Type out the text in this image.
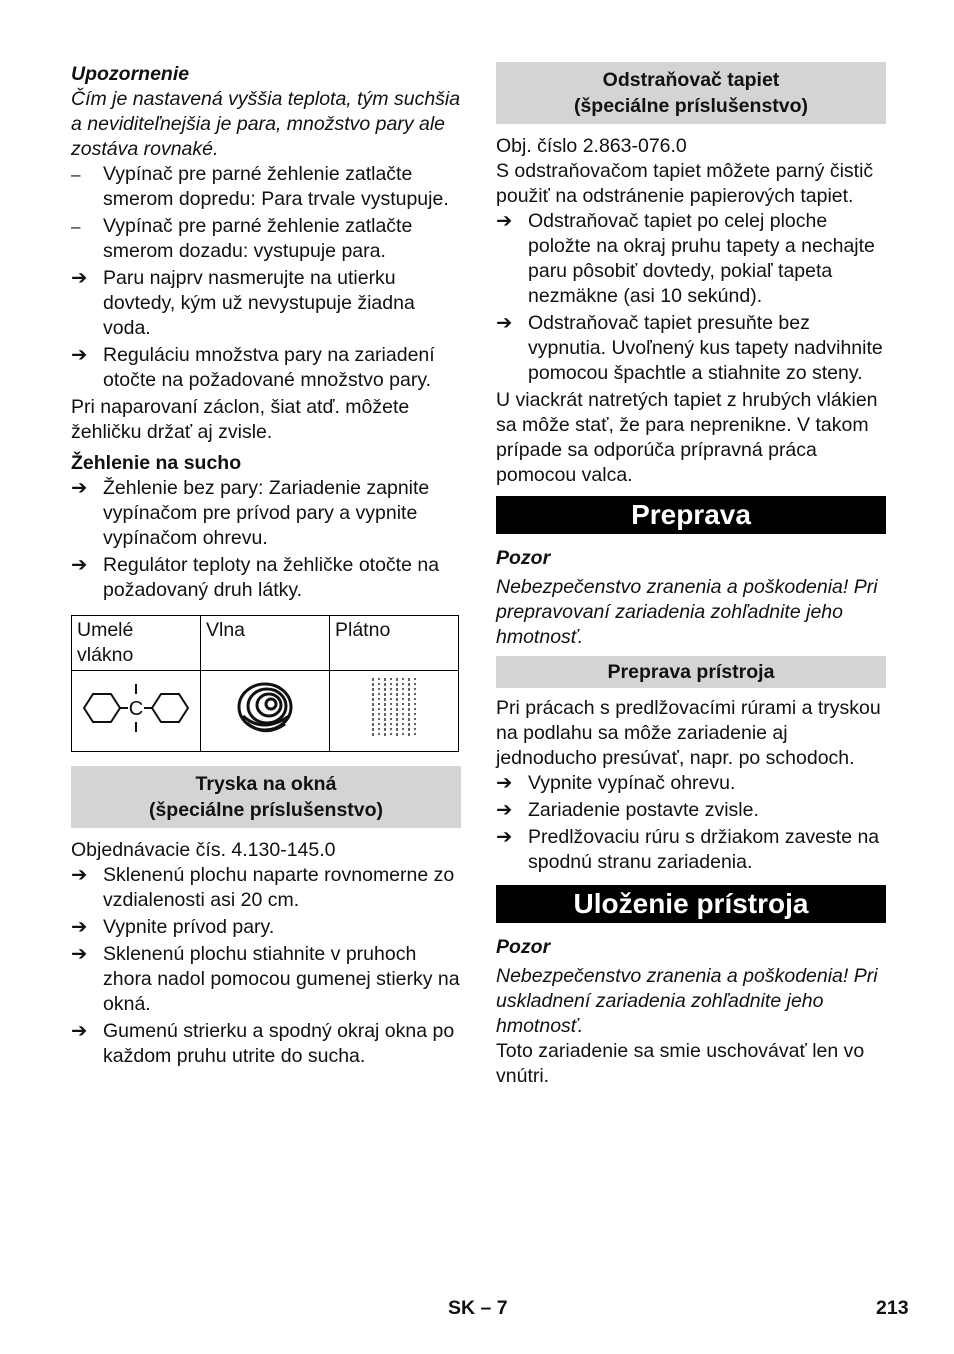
Upozornenie

Čím je nastavená vyššia teplota, tým suchšia a neviditeľnejšia je para, množstvo pary ale zostáva rovnaké.

–	Vypínač pre parné žehlenie zatlačte smerom dopredu: Para trvale vystupuje.
–	Vypínač pre parné žehlenie zatlačte smerom dozadu: vystupuje para.
➔ Paru najprv nasmerujte na utierku dovtedy, kým už nevystupuje žiadna voda.
➔ Reguláciu množstva pary na zariadení otočte na požadované množstvo pary.

Pri naparovaní záclon, šiat atď. môžete žehličku držať aj zvisle.

Žehlenie na sucho

➔ Žehlenie bez pary: Zariadenie zapnite vypínačom pre prívod pary a vypnite vypínačom ohrevu.
➔ Regulátor teploty na žehličke otočte na požadovaný druh látky.
Umelé vlákno	Vlna	Plátno

C

Tryska na okná
(špeciálne príslušenstvo)

Objednávacie čís. 4.130-145.0

➔ Sklenenú plochu naparte rovnomerne zo vzdialenosti asi 20 cm.
➔ Vypnite prívod pary.
➔ Sklenenú plochu stiahnite v pruhoch zhora nadol pomocou gumenej stierky na okná.
➔ Gumenú strierku a spodný okraj okna po každom pruhu utrite do sucha.
Odstraňovač tapiet
(špeciálne príslušenstvo)

Obj. číslo 2.863-076.0

S odstraňovačom tapiet môžete parný čistič použiť na odstránenie papierových tapiet.

➔ Odstraňovač tapiet po celej ploche položte na okraj pruhu tapety a nechajte paru pôsobiť dovtedy, pokiaľ tapeta nezmäkne (asi 10 sekúnd).
➔ Odstraňovač tapiet presuňte bez vypnutia. Uvoľnený kus tapety nadvihnite pomocou špachtle a stiahnite zo steny.

U viackrát natretých tapiet z hrubých vlákien sa môže stať, že para neprenikne. V takom prípade sa odporúča prípravná práca pomocou valca.

Preprava

Pozor

Nebezpečenstvo zranenia a poškodenia! Pri prepravovaní zariadenia zohľadnite jeho hmotnosť.

Preprava prístroja

Pri prácach s predlžovacími rúrami a tryskou na podlahu sa môže zariadenie aj jednoducho presúvať, napr. po schodoch.

➔ Vypnite vypínač ohrevu.
➔ Zariadenie postavte zvisle.
➔ Predlžovaciu rúru s držiakom zaveste na spodnú stranu zariadenia.
Uloženie prístroja

Pozor

Nebezpečenstvo zranenia a poškodenia! Pri uskladnení zariadenia zohľadnite jeho hmotnosť.

Toto zariadenie sa smie uschovávať len vo vnútri.

SK – 7	213
